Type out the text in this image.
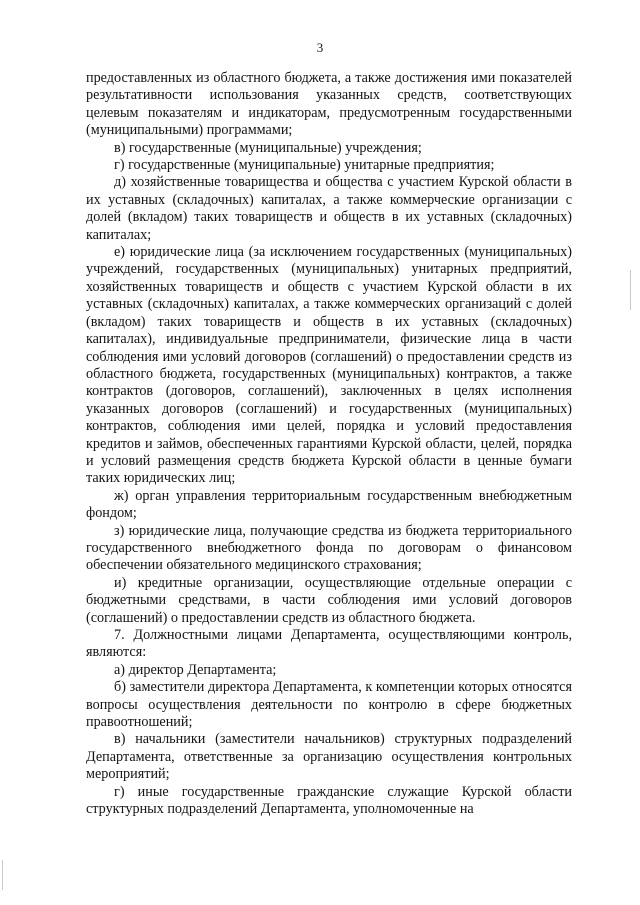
3

предоставленных из областного бюджета, а также достижения ими показателей результативности использования указанных средств, соответствующих целевым показателям и индикаторам, предусмотренным государственными (муниципальными) программами;

в) государственные (муниципальные) учреждения;

г) государственные (муниципальные) унитарные предприятия;

д) хозяйственные товарищества и общества с участием Курской области в их уставных (складочных) капиталах, а также коммерческие организации с долей (вкладом) таких товариществ и обществ в их уставных (складочных) капиталах;

е) юридические лица (за исключением государственных (муниципальных) учреждений, государственных (муниципальных) унитарных предприятий, хозяйственных товариществ и обществ с участием Курской области в их уставных (складочных) капиталах, а также коммерческих организаций с долей (вкладом) таких товариществ и обществ в их уставных (складочных) капиталах), индивидуальные предприниматели, физические лица в части соблюдения ими условий договоров (соглашений) о предоставлении средств из областного бюджета, государственных (муниципальных) контрактов, а также контрактов (договоров, соглашений), заключенных в целях исполнения указанных договоров (соглашений) и государственных (муниципальных) контрактов, соблюдения ими целей, порядка и условий предоставления кредитов и займов, обеспеченных гарантиями Курской области, целей, порядка и условий размещения средств бюджета Курской области в ценные бумаги таких юридических лиц;

ж) орган управления территориальным государственным внебюджетным фондом;

з) юридические лица, получающие средства из бюджета территориального государственного внебюджетного фонда по договорам о финансовом обеспечении обязательного медицинского страхования;

и) кредитные организации, осуществляющие отдельные операции с бюджетными средствами, в части соблюдения ими условий договоров (соглашений) о предоставлении средств из областного бюджета.

7. Должностными лицами Департамента, осуществляющими контроль, являются:

а) директор Департамента;

б) заместители директора Департамента, к компетенции которых относятся вопросы осуществления деятельности по контролю в сфере бюджетных правоотношений;

в) начальники (заместители начальников) структурных подразделений Департамента, ответственные за организацию осуществления контрольных мероприятий;

г) иные государственные гражданские служащие Курской области структурных подразделений Департамента, уполномоченные на
